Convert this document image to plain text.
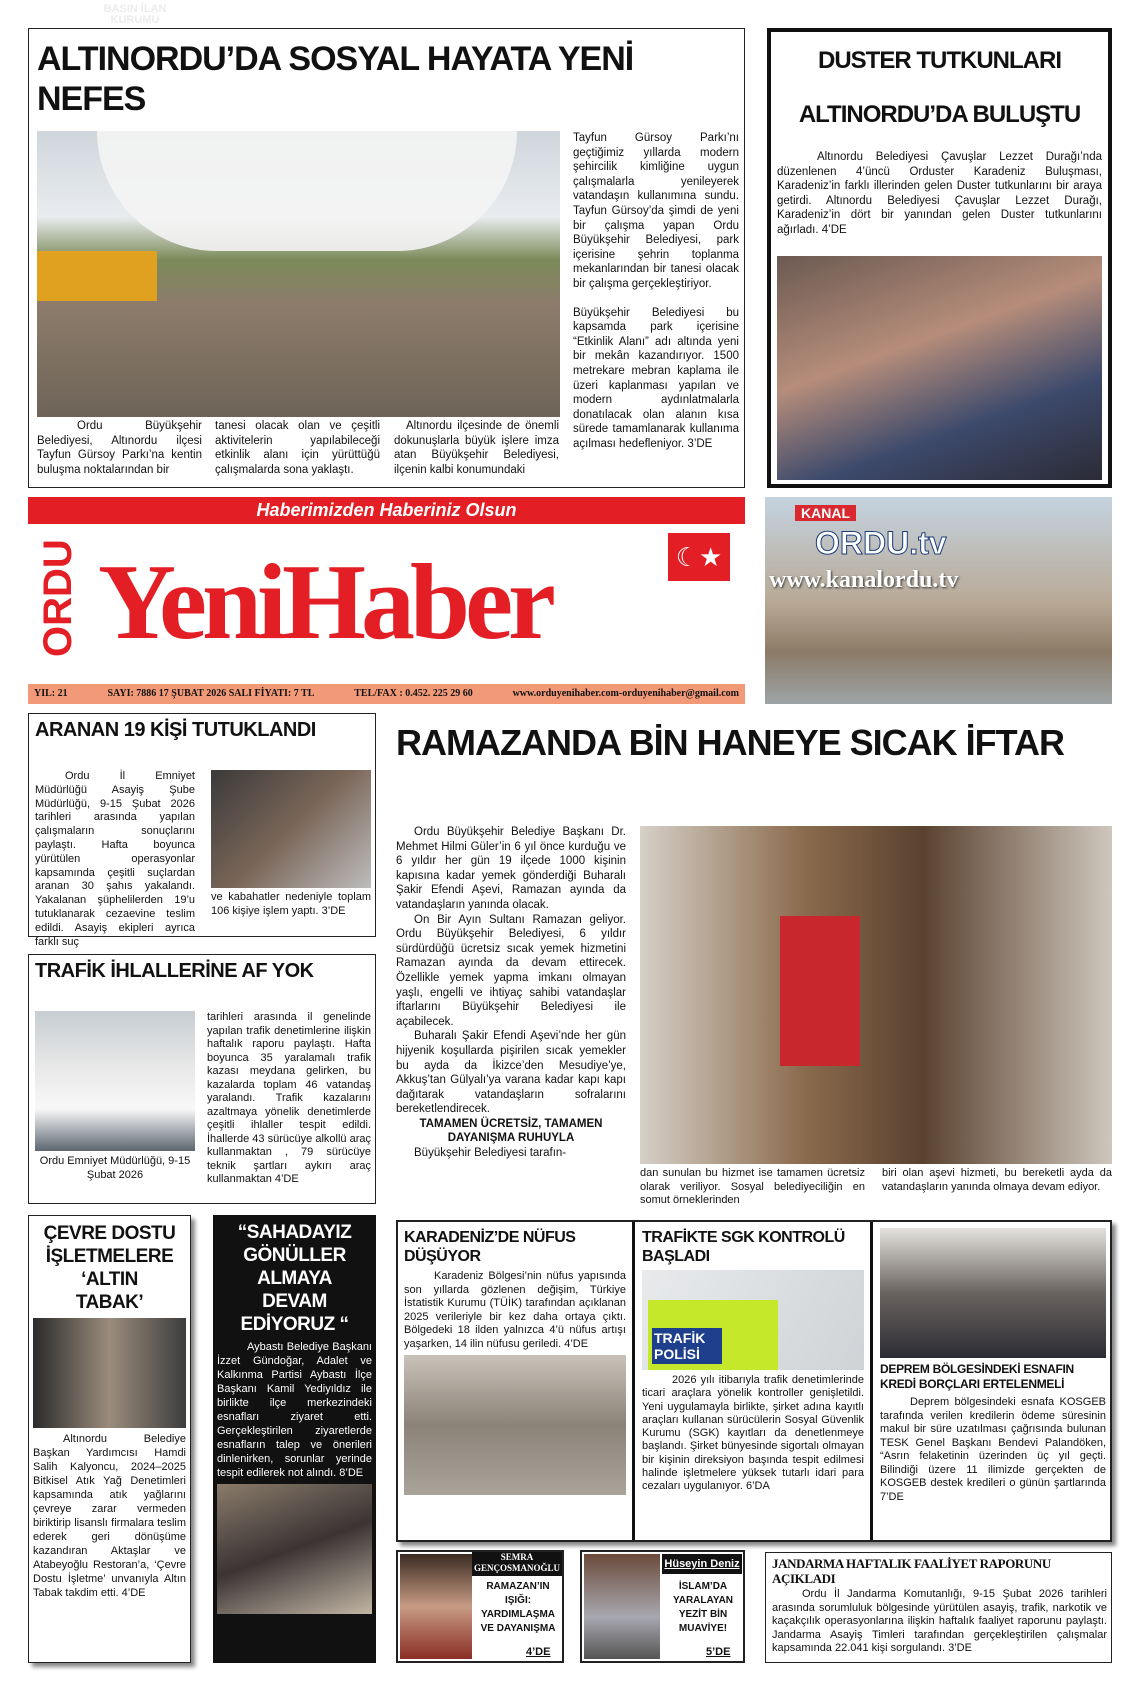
ALTINORDU’DA SOSYAL HAYATA YENİ NEFES
Ordu Büyükşehir Belediyesi, Altınordu ilçesi Tayfun Gürsoy Parkı’na kentin buluşma noktalarından bir
tanesi olacak olan ve çeşitli aktivitelerin yapılabileceği etkinlik alanı için yürüttüğü çalışmalarda sona yaklaştı.
Altınordu ilçesinde de önemli dokunuşlarla büyük işlere imza atan Büyükşehir Belediyesi, ilçenin kalbi konumundaki
Tayfun Gürsoy Parkı’nı geçtiğimiz yıllarda modern şehircilik kimliğine uygun çalışmalarla yenileyerek vatandaşın kullanımına sundu. Tayfun Gürsoy’da şimdi de yeni bir çalışma yapan Ordu Büyükşehir Belediyesi, park içerisine şehrin toplanma mekanlarından bir tanesi olacak bir çalışma gerçekleştiriyor.
Büyükşehir Belediyesi bu kapsamda park içerisine “Etkinlik Alanı” adı altında yeni bir mekân kazandırıyor. 1500 metrekare mebran kaplama ile üzeri kaplanması yapılan ve modern aydınlatmalarla donatılacak olan alanın kısa sürede tamamlanarak kullanıma açılması hedefleniyor. 3’DE
DUSTER TUTKUNLARI
ALTINORDU’DA BULUŞTU
Altınordu Belediyesi Çavuşlar Lezzet Durağı’nda düzenlenen 4’üncü Orduster Karadeniz Buluşması, Karadeniz’in farklı illerinden gelen Duster tutkunlarını bir araya getirdi. Altınordu Belediyesi Çavuşlar Lezzet Durağı, Karadeniz’in dört bir yanından gelen Duster tutkunlarını ağırladı. 4’DE
Haberimizden Haberiniz Olsun
ORDU YeniHaber	☾★
YIL: 21	SAYI: 7886 17 ŞUBAT 2026 SALI FİYATI: 7 TL	TEL/FAX : 0.452. 225 29 60	www.orduyenihaber.com-orduyenihaber@gmail.com
KANAL
ORDU.tv
www.kanalordu.tv
ARANAN 19 KİŞİ TUTUKLANDI
Ordu İl Emniyet Müdürlüğü Asayiş Şube Müdürlüğü, 9-15 Şubat 2026 tarihleri arasında yapılan çalışmaların sonuçlarını paylaştı. Hafta boyunca yürütülen operasyonlar kapsamında çeşitli suçlardan aranan 30 şahıs yakalandı. Yakalanan şüphelilerden 19’u tutuklanarak cezaevine teslim edildi. Asayiş ekipleri ayrıca farklı suç
ve kabahatler nedeniyle toplam 106 kişiye işlem yaptı. 3’DE
TRAFİK İHLALLERİNE AF YOK
Ordu Emniyet Müdürlüğü, 9-15 Şubat 2026
tarihleri arasında il genelinde yapılan trafik denetimlerine ilişkin haftalık raporu paylaştı. Hafta boyunca 35 yaralamalı trafik kazası meydana gelirken, bu kazalarda toplam 46 vatandaş yaralandı. Trafik kazalarını azaltmaya yönelik denetimlerde çeşitli ihlaller tespit edildi. İhallerde 43 sürücüye alkollü araç kullanmaktan , 79 sürücüye teknik şartları aykırı araç kullanmaktan 4’DE
RAMAZANDA BİN HANEYE SICAK İFTAR

Ordu Büyükşehir Belediye Başkanı Dr. Mehmet Hilmi Güler’in 6 yıl önce kurduğu ve 6 yıldır her gün 19 ilçede 1000 kişinin kapısına kadar yemek gönderdiği Buharalı Şakir Efendi Aşevi, Ramazan ayında da vatandaşların yanında olacak.

On Bir Ayın Sultanı Ramazan geliyor. Ordu Büyükşehir Belediyesi, 6 yıldır sürdürdüğü ücretsiz sıcak yemek hizmetini Ramazan ayında da devam ettirecek. Özellikle yemek yapma imkanı olmayan yaşlı, engelli ve ihtiyaç sahibi vatandaşlar iftarlarını Büyükşehir Belediyesi ile açabilecek.

Buharalı Şakir Efendi Aşevi’nde her gün hijyenik koşullarda pişirilen sıcak yemekler bu ayda da İkizce’den Mesudiye’ye, Akkuş’tan Gülyalı’ya varana kadar kapı kapı dağıtarak vatandaşların sofralarını bereketlendirecek.

TAMAMEN ÜCRETSİZ, TAMAMEN DAYANIŞMA RUHUYLA

Büyükşehir Belediyesi tarafın-

dan sunulan bu hizmet ise tamamen ücretsiz olarak veriliyor. Sosyal belediyeciliğin en somut örneklerinden
biri olan aşevi hizmeti, bu bereketli ayda da vatandaşların yanında olmaya devam ediyor.
ÇEVRE DOSTU
İŞLETMELERE ‘ALTIN
TABAK’
Altınordu Belediye Başkan Yardımcısı Hamdi Salih Kalyoncu, 2024–2025 Bitkisel Atık Yağ Denetimleri kapsamında atık yağlarını çevreye zarar vermeden biriktirip lisanslı firmalara teslim ederek geri dönüşüme kazandıran Aktaşlar ve Atabeyoğlu Restoran’a, ‘Çevre Dostu İşletme’ unvanıyla Altın Tabak takdim etti. 4’DE
“SAHADAYIZ
GÖNÜLLER ALMAYA
DEVAM EDİYORUZ “
Aybastı Belediye Başkanı İzzet Gündoğar, Adalet ve Kalkınma Partisi Aybastı İlçe Başkanı Kamil Yediyıldız ile birlikte ilçe merkezindeki esnafları ziyaret etti. Gerçekleştirilen ziyaretlerde esnafların talep ve önerileri dinlenirken, sorunlar yerinde tespit edilerek not alındı. 8’DE
KARADENİZ’DE NÜFUS DÜŞÜYOR
Karadeniz Bölgesi’nin nüfus yapısında son yıllarda gözlenen değişim, Türkiye İstatistik Kurumu (TÜİK) tarafından açıklanan 2025 verileriyle bir kez daha ortaya çıktı. Bölgedeki 18 ilden yalnızca 4’ü nüfus artışı yaşarken, 14 ilin nüfusu geriledi. 4’DE
TRAFİKTE SGK KONTROLÜ BAŞLADI
TRAFİK POLİSİ
2026 yılı itibarıyla trafik denetimlerinde ticari araçlara yönelik kontroller genişletildi. Yeni uygulamayla birlikte, şirket adına kayıtlı araçları kullanan sürücülerin Sosyal Güvenlik Kurumu (SGK) kayıtları da denetlenmeye başlandı. Şirket bünyesinde sigortalı olmayan bir kişinin direksiyon başında tespit edilmesi halinde işletmelere yüksek tutarlı idari para cezaları uygulanıyor. 6’DA
DEPREM BÖLGESİNDEKİ ESNAFIN KREDİ BORÇLARI ERTELENMELİ
Deprem bölgesindeki esnafa KOSGEB tarafında verilen kredilerin ödeme süresinin makul bir süre uzatılması çağrısında bulunan TESK Genel Başkanı Bendevi Palandöken, “Asrın felaketinin üzerinden üç yıl geçti. Bilindiği üzere 11 ilimizde gerçekten de KOSGEB destek kredileri o günün şartlarında 7’DE
SEMRA
GENÇOSMANOĞLU
RAMAZAN’IN IŞIĞI: YARDIMLAŞMA VE DAYANIŞMA
4’DE
Hüseyin Deniz
İSLAM’DA YARALAYAN YEZİT BİN MUAVİYE!
5’DE
JANDARMA HAFTALIK FAALİYET RAPORUNU AÇIKLADI
Ordu İl Jandarma Komutanlığı, 9-15 Şubat 2026 tarihleri arasında sorumluluk bölgesinde yürütülen asayiş, trafik, narkotik ve kaçakçılık operasyonlarına ilişkin haftalık faaliyet raporunu paylaştı. Jandarma Asayiş Timleri tarafından gerçekleştirilen çalışmalar kapsamında 22.041 kişi sorgulandı. 3’DE
BASIN İLAN
KURUMU
